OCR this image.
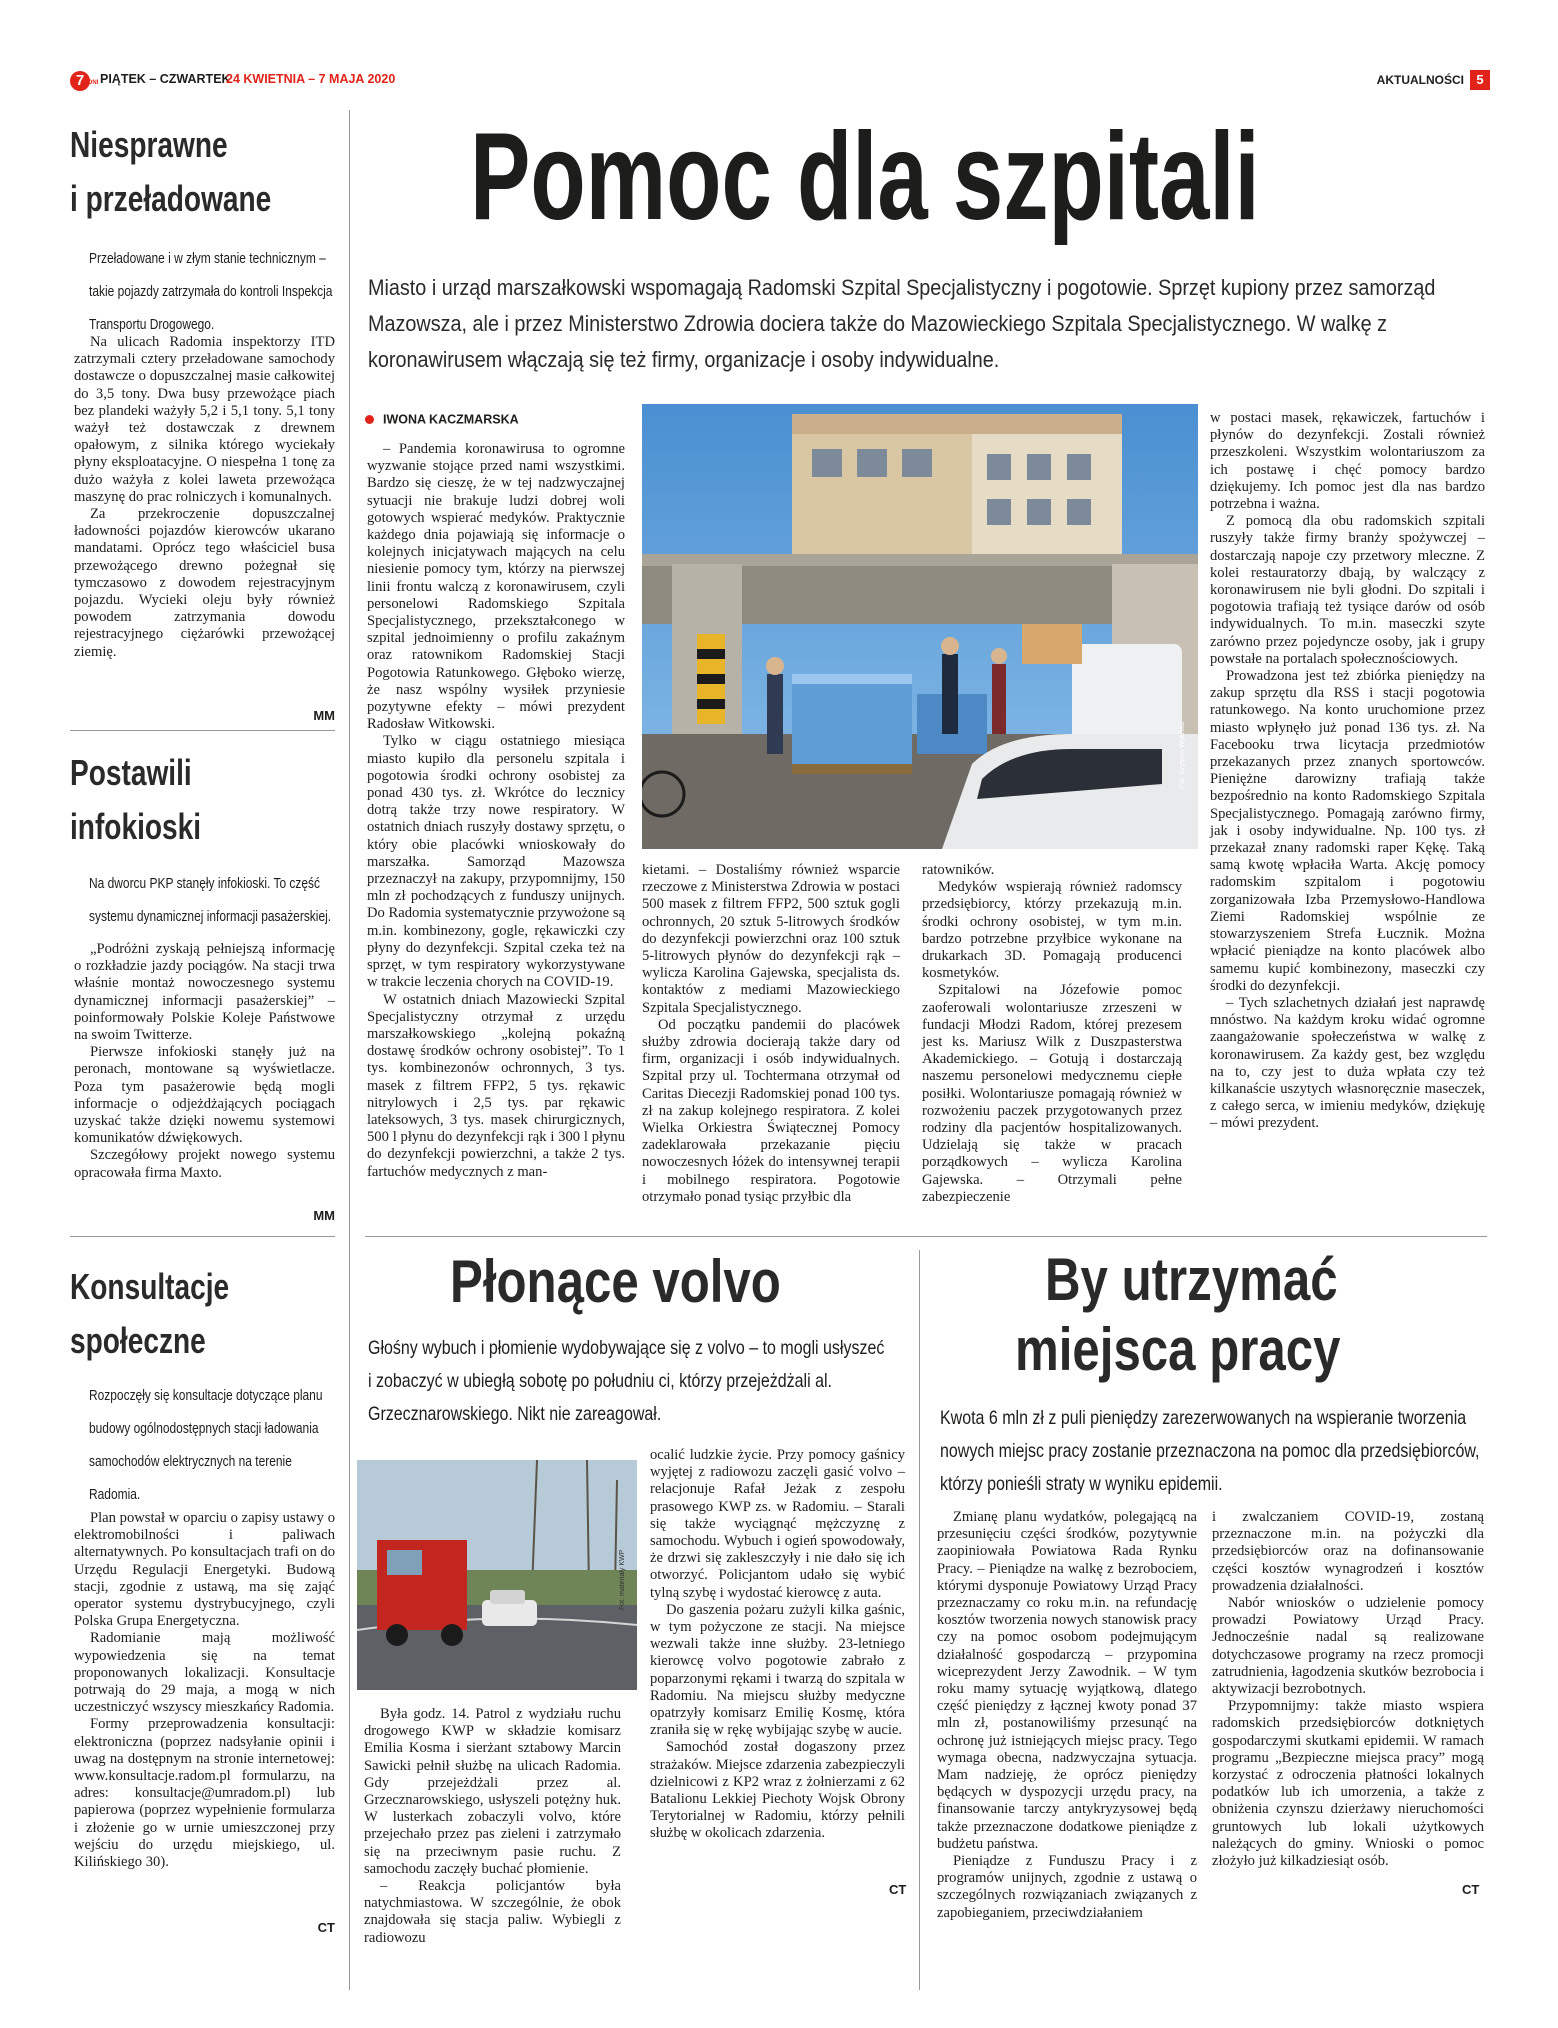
7 DNI PIĄTEK – CZWARTEK
24 KWIETNIA – 7 MAJA 2020	AKTUALNOŚCI 5
Niesprawne
i przeładowane
Przeładowane i w złym stanie technicznym – takie pojazdy zatrzymała do kontroli Inspekcja Transportu Drogowego.

Na ulicach Radomia inspektorzy ITD zatrzymali cztery przeładowane samochody dostawcze o dopuszczalnej masie całkowitej do 3,5 tony. Dwa busy przewożące piach bez plandeki ważyły 5,2 i 5,1 tony. 5,1 tony ważył też dostawczak z drewnem opałowym, z silnika którego wyciekały płyny eksploatacyjne. O niespełna 1 tonę za dużo ważyła z kolei laweta przewożąca maszynę do prac rolniczych i komunalnych.

Za przekroczenie dopuszczalnej ładowności pojazdów kierowców ukarano mandatami. Oprócz tego właściciel busa przewożącego drewno pożegnał się tymczasowo z dowodem rejestracyjnym pojazdu. Wycieki oleju były również powodem zatrzymania dowodu rejestracyjnego ciężarówki przewożącej ziemię.

MM
Postawili
infokioski
Na dworcu PKP stanęły infokioski. To część systemu dynamicznej informacji pasażerskiej.

„Podróżni zyskają pełniejszą informację o rozkładzie jazdy pociągów. Na stacji trwa właśnie montaż nowoczesnego systemu dynamicznej informacji pasażerskiej” – poinformowały Polskie Koleje Państwowe na swoim Twitterze.

Pierwsze infokioski stanęły już na peronach, montowane są wyświetlacze. Poza tym pasażerowie będą mogli informacje o odjeżdżających pociągach uzyskać także dzięki nowemu systemowi komunikatów dźwiękowych.

Szczegółowy projekt nowego systemu opracowała firma Maxto.

MM
Konsultacje
społeczne
Rozpoczęły się konsultacje dotyczące planu budowy ogólnodostępnych stacji ładowania samochodów elektrycznych na terenie Radomia.

Plan powstał w oparciu o zapisy ustawy o elektromobilności i paliwach alternatywnych. Po konsultacjach trafi on do Urzędu Regulacji Energetyki. Budową stacji, zgodnie z ustawą, ma się zająć operator systemu dystrybucyjnego, czyli Polska Grupa Energetyczna.

Radomianie mają możliwość wypowiedzenia się na temat proponowanych lokalizacji. Konsultacje potrwają do 29 maja, a mogą w nich uczestniczyć wszyscy mieszkańcy Radomia.

Formy przeprowadzenia konsultacji: elektroniczna (poprzez nadsyłanie opinii i uwag na dostępnym na stronie internetowej: www.konsultacje.radom.pl formularzu, na adres: konsultacje@umradom.pl) lub papierowa (poprzez wypełnienie formularza i złożenie go w urnie umieszczonej przy wejściu do urzędu miejskiego, ul. Kilińskiego 30).

CT
Pomoc dla szpitali
Miasto i urząd marszałkowski wspomagają Radomski Szpital Specjalistyczny i pogotowie. Sprzęt kupiony przez samorząd Mazowsza, ale i przez Ministerstwo Zdrowia dociera także do Mazowieckiego Szpitala Specjalistycznego. W walkę z koronawirusem włączają się też firmy, organizacje i osoby indywidualne.
IWONA KACZMARSKA
Fot. Szymon Wykrota

– Pandemia koronawirusa to ogromne wyzwanie stojące przed nami wszystkimi. Bardzo się cieszę, że w tej nadzwyczajnej sytuacji nie brakuje ludzi dobrej woli gotowych wspierać medyków. Praktycznie każdego dnia pojawiają się informacje o kolejnych inicjatywach mających na celu niesienie pomocy tym, którzy na pierwszej linii frontu walczą z koronawirusem, czyli personelowi Radomskiego Szpitala Specjalistycznego, przekształconego w szpital jednoimienny o profilu zakaźnym oraz ratownikom Radomskiej Stacji Pogotowia Ratunkowego. Głęboko wierzę, że nasz wspólny wysiłek przyniesie pozytywne efekty – mówi prezydent Radosław Witkowski.

Tylko w ciągu ostatniego miesiąca miasto kupiło dla personelu szpitala i pogotowia środki ochrony osobistej za ponad 430 tys. zł. Wkrótce do lecznicy dotrą także trzy nowe respiratory. W ostatnich dniach ruszyły dostawy sprzętu, o który obie placówki wnioskowały do marszałka. Samorząd Mazowsza przeznaczył na zakupy, przypomnijmy, 150 mln zł pochodzących z funduszy unijnych. Do Radomia systematycznie przywożone są m.in. kombinezony, gogle, rękawiczki czy płyny do dezynfekcji. Szpital czeka też na sprzęt, w tym respiratory wykorzystywane w trakcie leczenia chorych na COVID-19.

W ostatnich dniach Mazowiecki Szpital Specjalistyczny otrzymał z urzędu marszałkowskiego „kolejną pokaźną dostawę środków ochrony osobistej”. To 1 tys. kombinezonów ochronnych, 3 tys. masek z filtrem FFP2, 5 tys. rękawic nitrylowych i 2,5 tys. par rękawic lateksowych, 3 tys. masek chirurgicznych, 500 l płynu do dezynfekcji rąk i 300 l płynu do dezynfekcji powierzchni, a także 2 tys. fartuchów medycznych z man-

kietami. – Dostaliśmy również wsparcie rzeczowe z Ministerstwa Zdrowia w postaci 500 masek z filtrem FFP2, 500 sztuk gogli ochronnych, 20 sztuk 5-litrowych środków do dezynfekcji powierzchni oraz 100 sztuk 5-litrowych płynów do dezynfekcji rąk – wylicza Karolina Gajewska, specjalista ds. kontaktów z mediami Mazowieckiego Szpitala Specjalistycznego.

Od początku pandemii do placówek służby zdrowia docierają także dary od firm, organizacji i osób indywidualnych. Szpital przy ul. Tochtermana otrzymał od Caritas Diecezji Radomskiej ponad 100 tys. zł na zakup kolejnego respiratora. Z kolei Wielka Orkiestra Świątecznej Pomocy zadeklarowała przekazanie pięciu nowoczesnych łóżek do intensywnej terapii i mobilnego respiratora. Pogotowie otrzymało ponad tysiąc przyłbic dla

ratowników.

Medyków wspierają również radomscy przedsiębiorcy, którzy przekazują m.in. środki ochrony osobistej, w tym m.in. bardzo potrzebne przyłbice wykonane na drukarkach 3D. Pomagają producenci kosmetyków.

Szpitalowi na Józefowie pomoc zaoferowali wolontariusze zrzeszeni w fundacji Młodzi Radom, której prezesem jest ks. Mariusz Wilk z Duszpasterstwa Akademickiego. – Gotują i dostarczają naszemu personelowi medycznemu ciepłe posiłki. Wolontariusze pomagają również w rozwożeniu paczek przygotowanych przez rodziny dla pacjentów hospitalizowanych. Udzielają się także w pracach porządkowych – wylicza Karolina Gajewska. – Otrzymali pełne zabezpieczenie

w postaci masek, rękawiczek, fartuchów i płynów do dezynfekcji. Zostali również przeszkoleni. Wszystkim wolontariuszom za ich postawę i chęć pomocy bardzo dziękujemy. Ich pomoc jest dla nas bardzo potrzebna i ważna.

Z pomocą dla obu radomskich szpitali ruszyły także firmy branży spożywczej – dostarczają napoje czy przetwory mleczne. Z kolei restauratorzy dbają, by walczący z koronawirusem nie byli głodni. Do szpitali i pogotowia trafiają też tysiące darów od osób indywidualnych. To m.in. maseczki szyte zarówno przez pojedyncze osoby, jak i grupy powstałe na portalach społecznościowych.

Prowadzona jest też zbiórka pieniędzy na zakup sprzętu dla RSS i stacji pogotowia ratunkowego. Na konto uruchomione przez miasto wpłynęło już ponad 136 tys. zł. Na Facebooku trwa licytacja przedmiotów przekazanych przez znanych sportowców. Pieniężne darowizny trafiają także bezpośrednio na konto Radomskiego Szpitala Specjalistycznego. Pomagają zarówno firmy, jak i osoby indywidualne. Np. 100 tys. zł przekazał znany radomski raper Kękę. Taką samą kwotę wpłaciła Warta. Akcję pomocy radomskim szpitalom i pogotowiu zorganizowała Izba Przemysłowo-Handlowa Ziemi Radomskiej wspólnie ze stowarzyszeniem Strefa Łucznik. Można wpłacić pieniądze na konto placówek albo samemu kupić kombinezony, maseczki czy środki do dezynfekcji.

– Tych szlachetnych działań jest naprawdę mnóstwo. Na każdym kroku widać ogromne zaangażowanie społeczeństwa w walkę z koronawirusem. Za każdy gest, bez względu na to, czy jest to duża wpłata czy też kilkanaście uszytych własnoręcznie maseczek, z całego serca, w imieniu medyków, dziękuję – mówi prezydent.

Płonące volvo
Głośny wybuch i płomienie wydobywające się z volvo – to mogli usłyszeć i zobaczyć w ubiegłą sobotę po południu ci, którzy przejeżdżali al. Grzecznarowskiego. Nikt nie zareagował.
Fot. materiały KWP

Była godz. 14. Patrol z wydziału ruchu drogowego KWP w składzie komisarz Emilia Kosma i sierżant sztabowy Marcin Sawicki pełnił służbę na ulicach Radomia. Gdy przejeżdżali przez al. Grzecznarowskiego, usłyszeli potężny huk. W lusterkach zobaczyli volvo, które przejechało przez pas zieleni i zatrzymało się na przeciwnym pasie ruchu. Z samochodu zaczęły buchać płomienie.

– Reakcja policjantów była natychmiastowa. W szczególnie, że obok znajdowała się stacja paliw. Wybiegli z radiowozu

ocalić ludzkie życie. Przy pomocy gaśnicy wyjętej z radiowozu zaczęli gasić volvo – relacjonuje Rafał Jeżak z zespołu prasowego KWP zs. w Radomiu. – Starali się także wyciągnąć mężczyznę z samochodu. Wybuch i ogień spowodowały, że drzwi się zakleszczyły i nie dało się ich otworzyć. Policjantom udało się wybić tylną szybę i wydostać kierowcę z auta.

Do gaszenia pożaru zużyli kilka gaśnic, w tym pożyczone ze stacji. Na miejsce wezwali także inne służby. 23-letniego kierowcę volvo pogotowie zabrało z poparzonymi rękami i twarzą do szpitala w Radomiu. Na miejscu służby medyczne opatrzyły komisarz Emilię Kosmę, która zraniła się w rękę wybijając szybę w aucie.

Samochód został dogaszony przez strażaków. Miejsce zdarzenia zabezpieczyli dzielnicowi z KP2 wraz z żołnierzami z 62 Batalionu Lekkiej Piechoty Wojsk Obrony Terytorialnej w Radomiu, którzy pełnili służbę w okolicach zdarzenia.

CT
By utrzymać
miejsca pracy
Kwota 6 mln zł z puli pieniędzy zarezerwowanych na wspieranie tworzenia nowych miejsc pracy zostanie przeznaczona na pomoc dla przedsiębiorców, którzy ponieśli straty w wyniku epidemii.

Zmianę planu wydatków, polegającą na przesunięciu części środków, pozytywnie zaopiniowała Powiatowa Rada Rynku Pracy. – Pieniądze na walkę z bezrobociem, którymi dysponuje Powiatowy Urząd Pracy przeznaczamy co roku m.in. na refundację kosztów tworzenia nowych stanowisk pracy czy na pomoc osobom podejmującym działalność gospodarczą – przypomina wiceprezydent Jerzy Zawodnik. – W tym roku mamy sytuację wyjątkową, dlatego część pieniędzy z łącznej kwoty ponad 37 mln zł, postanowiliśmy przesunąć na ochronę już istniejących miejsc pracy. Tego wymaga obecna, nadzwyczajna sytuacja. Mam nadzieję, że oprócz pieniędzy będących w dyspozycji urzędu pracy, na finansowanie tarczy antykryzysowej będą także przeznaczone dodatkowe pieniądze z budżetu państwa.

Pieniądze z Funduszu Pracy i z programów unijnych, zgodnie z ustawą o szczególnych rozwiązaniach związanych z zapobieganiem, przeciwdziałaniem

i zwalczaniem COVID-19, zostaną przeznaczone m.in. na pożyczki dla przedsiębiorców oraz na dofinansowanie części kosztów wynagrodzeń i kosztów prowadzenia działalności.

Nabór wniosków o udzielenie pomocy prowadzi Powiatowy Urząd Pracy. Jednocześnie nadal są realizowane dotychczasowe programy na rzecz promocji zatrudnienia, łagodzenia skutków bezrobocia i aktywizacji bezrobotnych.

Przypomnijmy: także miasto wspiera radomskich przedsiębiorców dotkniętych gospodarczymi skutkami epidemii. W ramach programu „Bezpieczne miejsca pracy” mogą korzystać z odroczenia płatności lokalnych podatków lub ich umorzenia, a także z obniżenia czynszu dzierżawy nieruchomości gruntowych lub lokali użytkowych należących do gminy. Wnioski o pomoc złożyło już kilkadziesiąt osób.

CT
